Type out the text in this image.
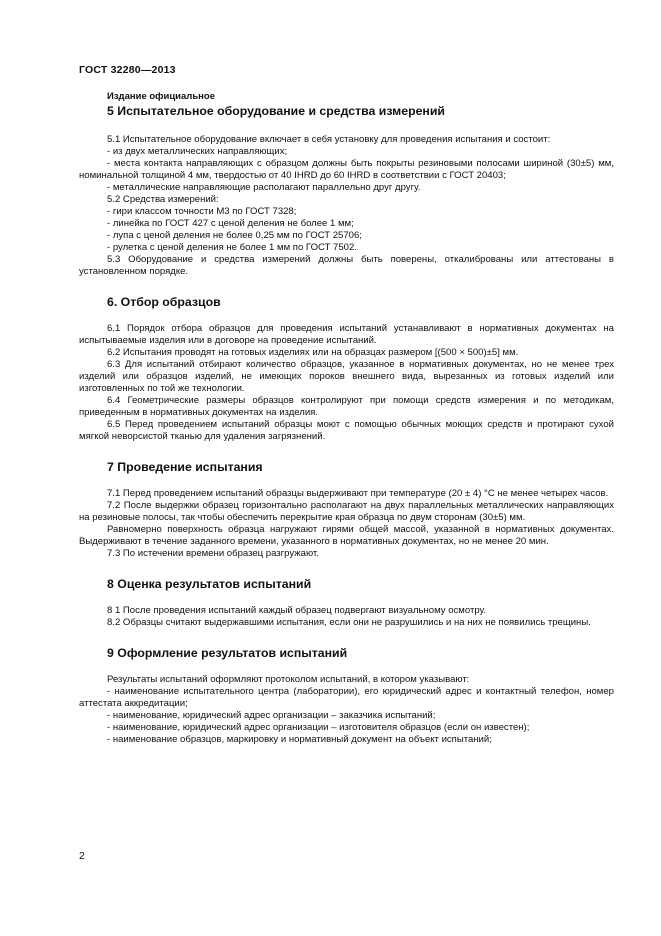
ГОСТ 32280—2013
Издание официальное
5 Испытательное оборудование и средства измерений

5.1 Испытательное оборудование включает в себя установку для проведения испытания и состоит:

- из двух металлических направляющих;

- места контакта направляющих с образцом должны быть покрыты резиновыми полосами шириной (30±5) мм, номинальной толщиной 4 мм, твердостью от 40 IHRD до 60 IHRD в соответствии с ГОСТ 20403;

- металлические направляющие располагают параллельно друг другу.

5.2 Средства измерений:

- гири классом точности М3 по ГОСТ 7328;

- линейка по ГОСТ 427 с ценой деления не более 1 мм;

- лупа с ценой деления не более 0,25 мм по ГОСТ 25706;

- рулетка с ценой деления не более 1 мм по ГОСТ 7502.

5.3 Оборудование и средства измерений должны быть поверены, откалиброваны или аттестованы в установленном порядке.

6. Отбор образцов

6.1 Порядок отбора образцов для проведения испытаний устанавливают в нормативных документах на испытываемые изделия или в договоре на проведение испытаний.

6.2 Испытания проводят на готовых изделиях или на образцах размером [(500 × 500)±5] мм.

6.3 Для испытаний отбирают количество образцов, указанное в нормативных документах, но не менее трех изделий или образцов изделий, не имеющих пороков внешнего вида, вырезанных из готовых изделий или изготовленных по той же технологии.

6.4 Геометрические размеры образцов контролируют при помощи средств измерения и по методикам, приведенным в нормативных документах на изделия.

6.5 Перед проведением испытаний образцы моют с помощью обычных моющих средств и протирают сухой мягкой неворсистой тканью для удаления загрязнений.

7 Проведение испытания

7.1 Перед проведением испытаний образцы выдерживают при температуре (20 ± 4) °С не менее четырех часов.

7.2 После выдержки образец горизонтально располагают на двух параллельных металлических направляющих на резиновые полосы, так чтобы обеспечить перекрытие края образца по двум сторонам (30±5) мм.

Равномерно поверхность образца нагружают гирями общей массой, указанной в нормативных документах. Выдерживают в течение заданного времени, указанного в нормативных документах, но не менее 20 мин.

7.3 По истечении времени образец разгружают.

8 Оценка результатов испытаний

8 1 После проведения испытаний каждый образец подвергают визуальному осмотру.

8.2 Образцы считают выдержавшими испытания, если они не разрушились и на них не появились трещины.

9 Оформление результатов испытаний

Результаты испытаний оформляют протоколом испытаний, в котором указывают:

- наименование испытательного центра (лаборатории), его юридический адрес и контактный телефон, номер аттестата аккредитации;

- наименование, юридический адрес организации – заказчика испытаний;

- наименование, юридический адрес организации – изготовителя образцов (если он известен);

- наименование образцов, маркировку и нормативный документ на объект испытаний;

2
